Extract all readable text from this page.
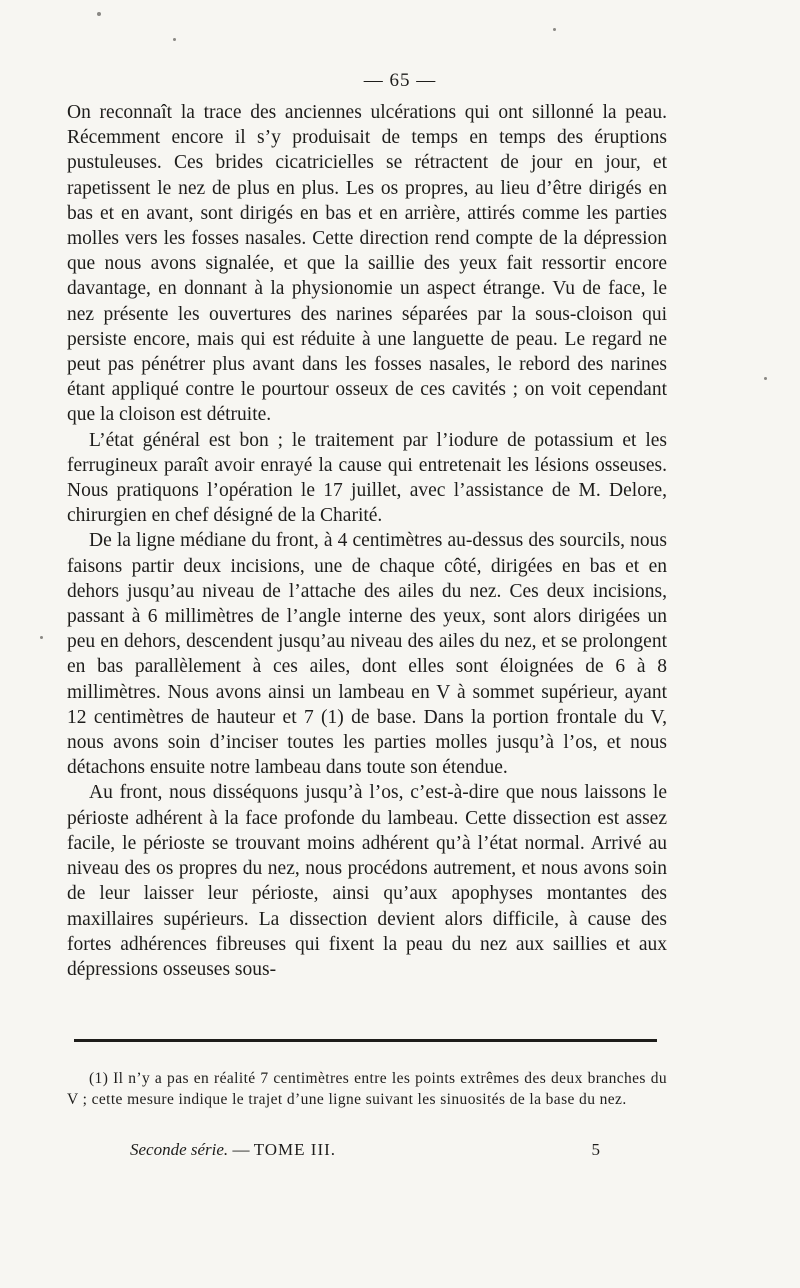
— 65 —

On reconnaît la trace des anciennes ulcérations qui ont sillonné la peau. Récemment encore il s’y produisait de temps en temps des éruptions pustuleuses. Ces brides cicatricielles se rétractent de jour en jour, et rapetissent le nez de plus en plus. Les os propres, au lieu d’être dirigés en bas et en avant, sont dirigés en bas et en arrière, attirés comme les parties molles vers les fosses nasales. Cette direction rend compte de la dépression que nous avons signalée, et que la saillie des yeux fait ressortir encore davantage, en donnant à la physionomie un aspect étrange. Vu de face, le nez présente les ouvertures des narines séparées par la sous-cloison qui persiste encore, mais qui est réduite à une languette de peau. Le regard ne peut pas pénétrer plus avant dans les fosses nasales, le rebord des narines étant appliqué contre le pourtour osseux de ces cavités ; on voit cependant que la cloison est détruite.

L’état général est bon ; le traitement par l’iodure de potassium et les ferrugineux paraît avoir enrayé la cause qui entretenait les lésions osseuses. Nous pratiquons l’opération le 17 juillet, avec l’assistance de M. Delore, chirurgien en chef désigné de la Charité.

De la ligne médiane du front, à 4 centimètres au-dessus des sourcils, nous faisons partir deux incisions, une de chaque côté, dirigées en bas et en dehors jusqu’au niveau de l’attache des ailes du nez. Ces deux incisions, passant à 6 millimètres de l’angle interne des yeux, sont alors dirigées un peu en dehors, descendent jusqu’au niveau des ailes du nez, et se prolongent en bas parallèlement à ces ailes, dont elles sont éloignées de 6 à 8 millimètres. Nous avons ainsi un lambeau en V à sommet supérieur, ayant 12 centimètres de hauteur et 7 (1) de base. Dans la portion frontale du V, nous avons soin d’inciser toutes les parties molles jusqu’à l’os, et nous détachons ensuite notre lambeau dans toute son étendue.

Au front, nous disséquons jusqu’à l’os, c’est-à-dire que nous laissons le périoste adhérent à la face profonde du lambeau. Cette dissection est assez facile, le périoste se trouvant moins adhérent qu’à l’état normal. Arrivé au niveau des os propres du nez, nous procédons autrement, et nous avons soin de leur laisser leur périoste, ainsi qu’aux apophyses montantes des maxillaires supérieurs. La dissection devient alors difficile, à cause des fortes adhérences fibreuses qui fixent la peau du nez aux saillies et aux dépressions osseuses sous-

(1) Il n’y a pas en réalité 7 centimètres entre les points extrêmes des deux branches du V ; cette mesure indique le trajet d’une ligne suivant les sinuosités de la base du nez.

Seconde série. — TOME III.	5
